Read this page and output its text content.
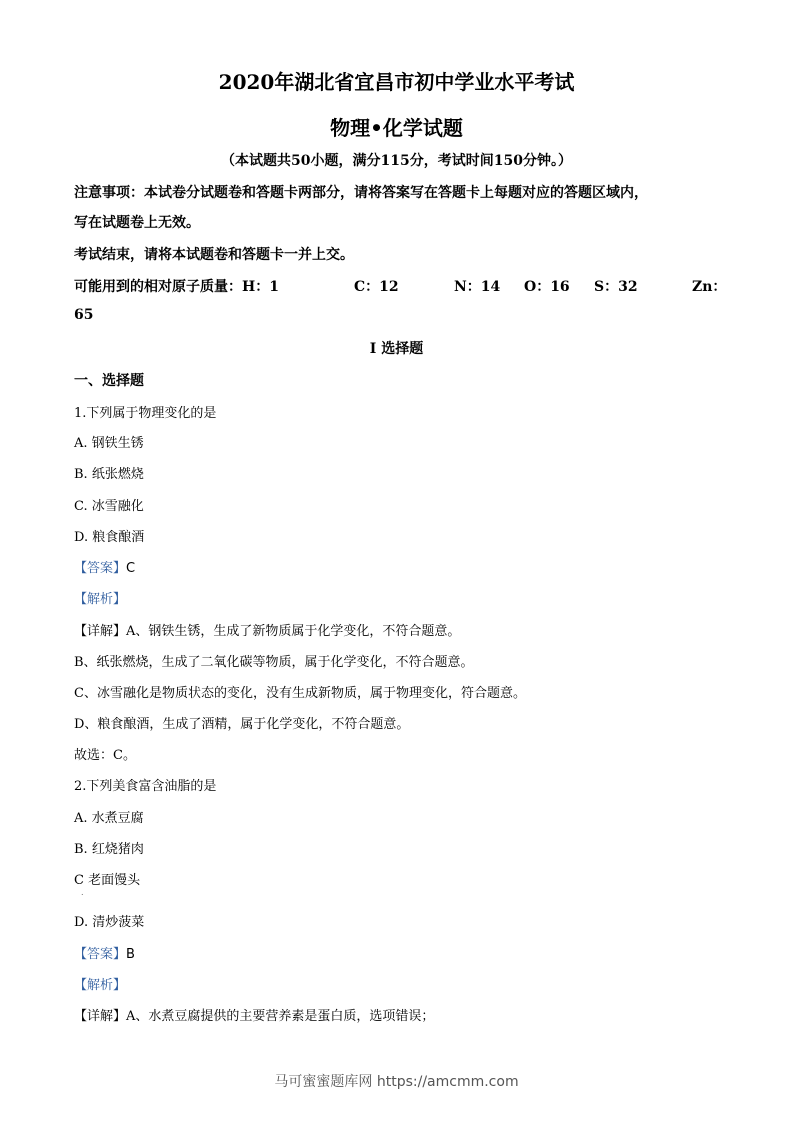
2020年湖北省宜昌市初中学业水平考试
物理•化学试题
（本试题共50小题，满分115分，考试时间150分钟。）
注意事项：本试卷分试题卷和答题卡两部分，请将答案写在答题卡上每题对应的答题区域内，
写在试题卷上无效。
考试结束，请将本试题卷和答题卡一并上交。
可能用到的相对原子质量：H：1	C：12	N：14 O：16 S：32	Zn：
65
I 选择题
一、选择题
1.下列属于物理变化的是
A. 钢铁生锈
B. 纸张燃烧
C. 冰雪融化
D. 粮食酿酒
【答案】C
【解析】
【详解】A、钢铁生锈，生成了新物质属于化学变化，不符合题意。
B、纸张燃烧，生成了二氧化碳等物质，属于化学变化，不符合题意。
C、冰雪融化是物质状态的变化，没有生成新物质，属于物理变化，符合题意。
D、粮食酿酒，生成了酒精，属于化学变化，不符合题意。
故选：C。
2.下列美食富含油脂的是
A. 水煮豆腐
B. 红烧猪肉
C 老面馒头
.
D. 清炒菠菜
【答案】B
【解析】
【详解】A、水煮豆腐提供的主要营养素是蛋白质，选项错误；
马可蜜蜜题库网 https://amcmm.com
